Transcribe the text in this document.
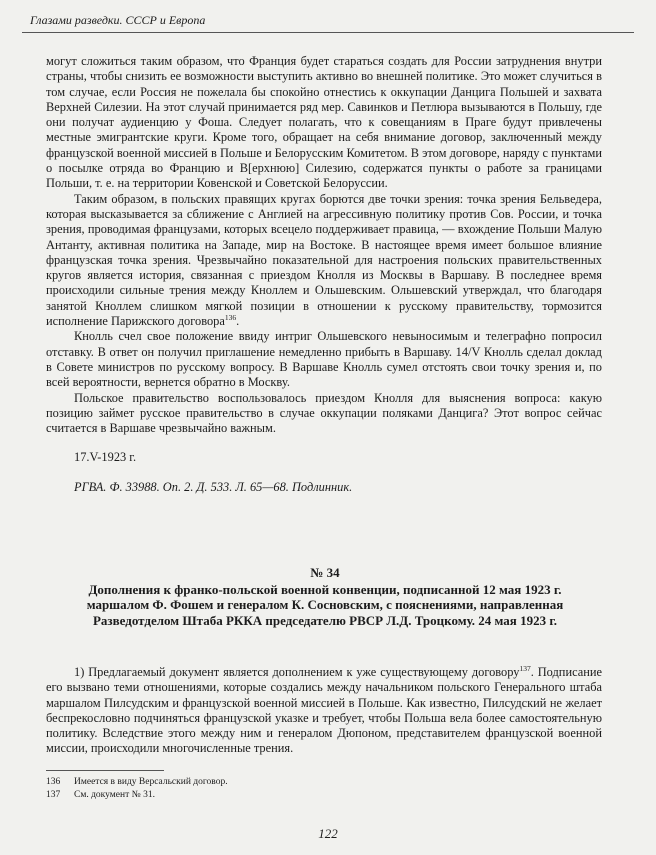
Глазами разведки. СССР и Европа

могут сложиться таким образом, что Франция будет стараться создать для России затруднения внутри страны, чтобы снизить ее возможности выступить активно во внешней политике. Это может случиться в том случае, если Россия не пожелала бы спокойно отнестись к оккупации Данцига Польшей и захвата Верхней Силезии. На этот случай принимается ряд мер. Савинков и Петлюра вызываются в Польшу, где они получат аудиенцию у Фоша. Следует полагать, что к совещаниям в Праге будут привлечены местные эмигрантские круги. Кроме того, обращает на себя внимание договор, заключенный между французской военной миссией в Польше и Белорусским Комитетом. В этом договоре, наряду с пунктами о посылке отряда во Францию и В[ерхнюю] Силезию, содержатся пункты о работе за границами Польши, т. е. на территории Ковенской и Советской Белоруссии.

Таким образом, в польских правящих кругах борются две точки зрения: точка зрения Бельведера, которая высказывается за сближение с Англией на агрессивную политику против Сов. России, и точка зрения, проводимая французами, которых всецело поддерживает правица, — вхождение Польши Малую Антанту, активная политика на Западе, мир на Востоке. В настоящее время имеет большое влияние французская точка зрения. Чрезвычайно показательной для настроения польских правительственных кругов является история, связанная с приездом Кнолля из Москвы в Варшаву. В последнее время происходили сильные трения между Кноллем и Ольшевским. Ольшевский утверждал, что благодаря занятой Кноллем слишком мягкой позиции в отношении к русскому правительству, тормозится исполнение Парижского договора$^{136}$.

Кнолль счел свое положение ввиду интриг Ольшевского невыносимым и телеграфно попросил отставку. В ответ он получил приглашение немедленно прибыть в Варшаву. 14/V Кнолль сделал доклад в Совете министров по русскому вопросу. В Варшаве Кнолль сумел отстоять свои точку зрения и, по всей вероятности, вернется обратно в Москву.

Польское правительство воспользовалось приездом Кнолля для выяснения вопроса: какую позицию займет русское правительство в случае оккупации поляками Данцига? Этот вопрос сейчас считается в Варшаве чрезвычайно важным.

17.V-1923 г.

РГВА. Ф. 33988. Оп. 2. Д. 533. Л. 65—68. Подлинник.

№ 34
Дополнения к франко-польской военной конвенции, подписанной 12 мая 1923 г. маршалом Ф. Фошем и генералом К. Сосновским, с пояснениями, направленная Разведотделом Штаба РККА председателю РВСР Л.Д. Троцкому. 24 мая 1923 г.

1) Предлагаемый документ является дополнением к уже существующему договору$^{137}$. Подписание его вызвано теми отношениями, которые создались между начальником польского Генерального штаба маршалом Пилсудским и французской военной миссией в Польше. Как известно, Пилсудский не желает беспрекословно подчиняться французской указке и требует, чтобы Польша вела более самостоятельную политику. Вследствие этого между ним и генералом Дюпоном, представителем французской военной миссии, происходили многочисленные трения.

136	Имеется в виду Версальский договор.
137	См. документ № 31.
122
